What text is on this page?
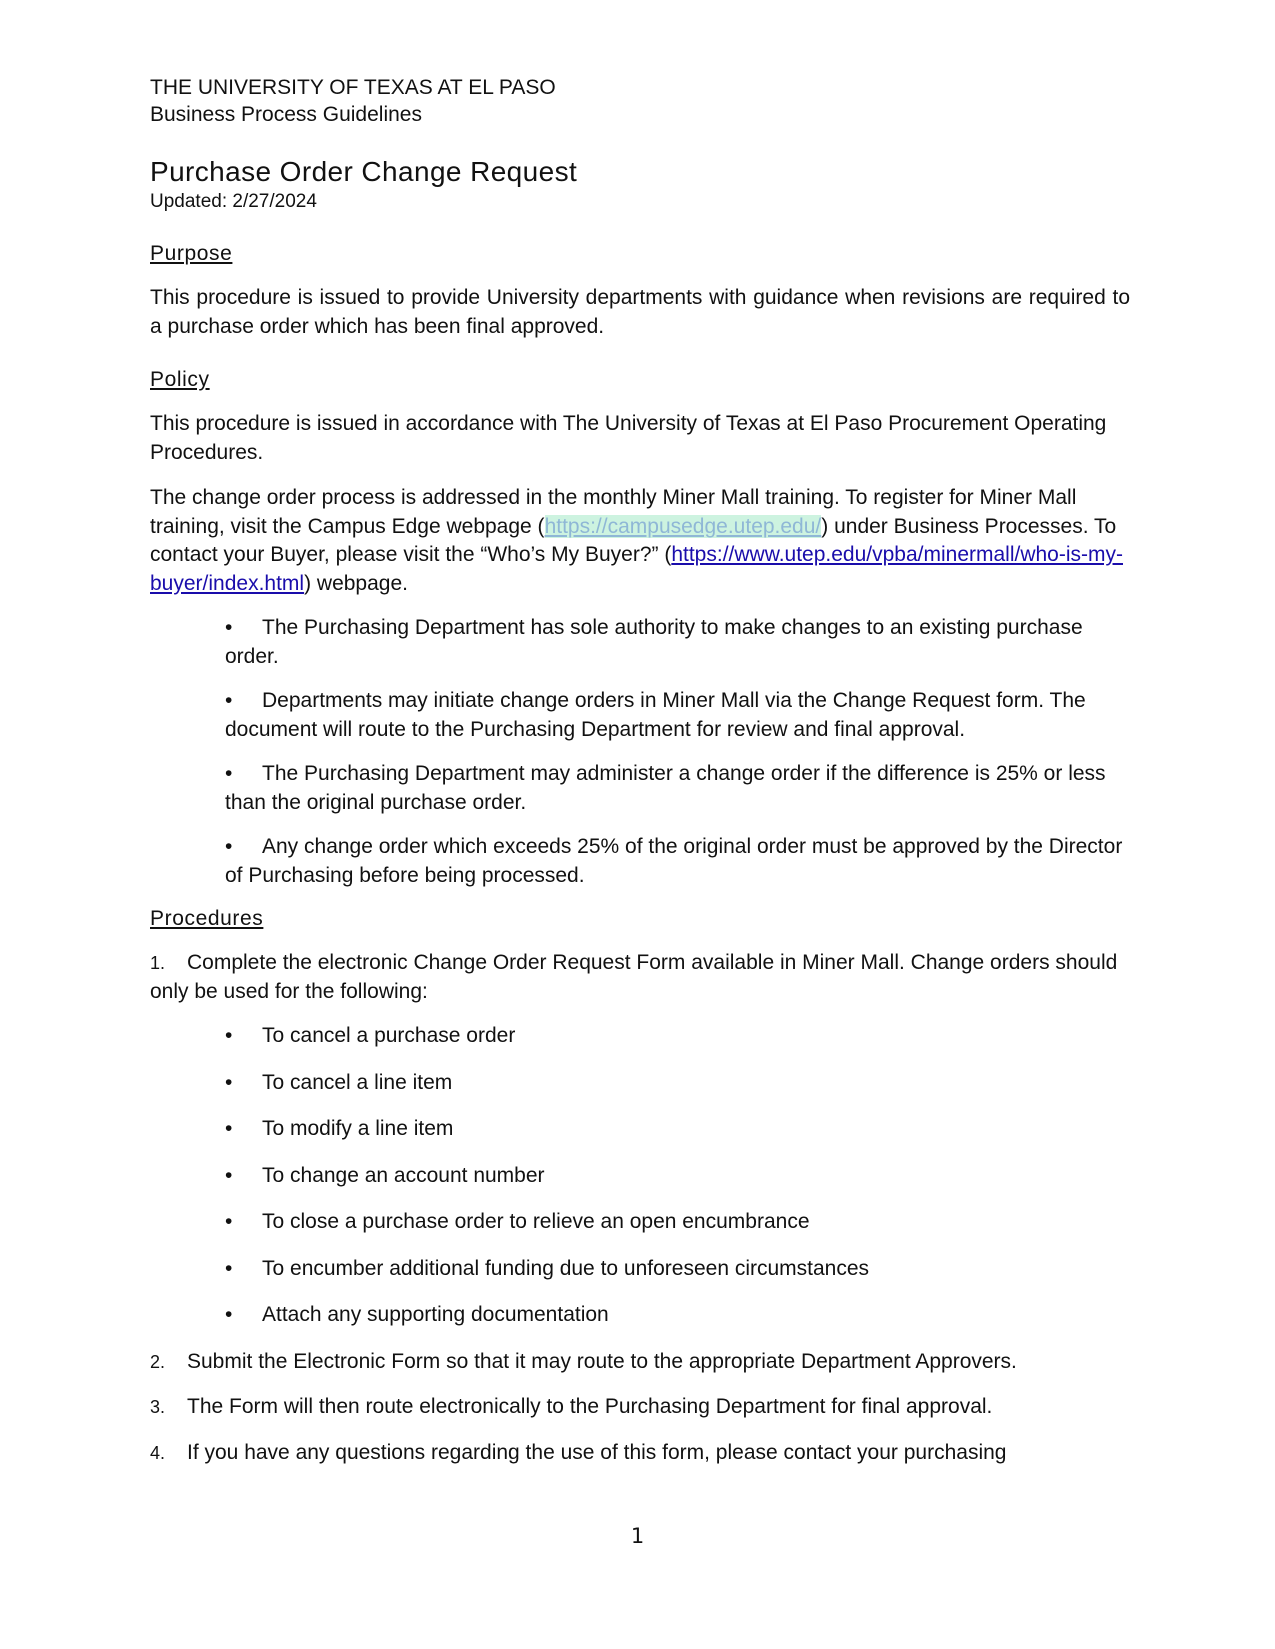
THE UNIVERSITY OF TEXAS AT EL PASO
Business Process Guidelines
Purchase Order Change Request
Updated: 2/27/2024
Purpose
This procedure is issued to provide University departments with guidance when revisions are required to a purchase order which has been final approved.
Policy
This procedure is issued in accordance with The University of Texas at El Paso Procurement Operating Procedures.
The change order process is addressed in the monthly Miner Mall training. To register for Miner Mall training, visit the Campus Edge webpage (https://campusedge.utep.edu/) under Business Processes. To contact your Buyer, please visit the “Who’s My Buyer?” (https://www.utep.edu/vpba/minermall/who-is-my-buyer/index.html) webpage.
• The Purchasing Department has sole authority to make changes to an existing purchase order.
• Departments may initiate change orders in Miner Mall via the Change Request form. The document will route to the Purchasing Department for review and final approval.
• The Purchasing Department may administer a change order if the difference is 25% or less than the original purchase order.
• Any change order which exceeds 25% of the original order must be approved by the Director of Purchasing before being processed.
Procedures
1. Complete the electronic Change Order Request Form available in Miner Mall. Change orders should only be used for the following:
•	To cancel a purchase order
•	To cancel a line item
•	To modify a line item
•	To change an account number
•	To close a purchase order to relieve an open encumbrance
•	To encumber additional funding due to unforeseen circumstances
•	Attach any supporting documentation
2. Submit the Electronic Form so that it may route to the appropriate Department Approvers.
3. The Form will then route electronically to the Purchasing Department for final approval.
4. If you have any questions regarding the use of this form, please contact your purchasing
1
